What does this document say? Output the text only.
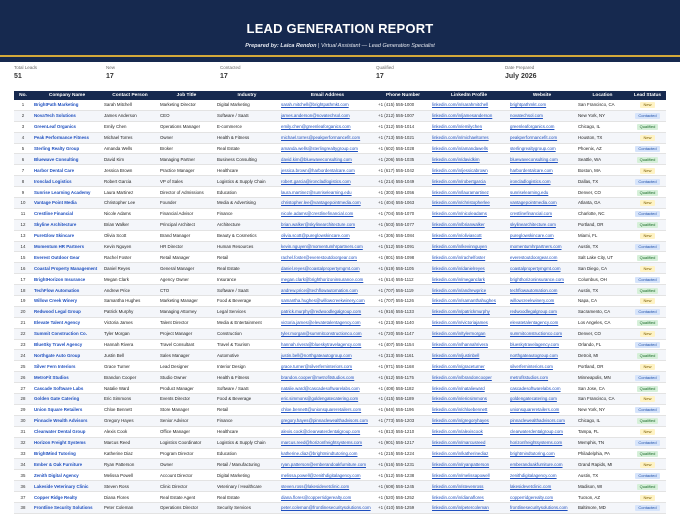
LEAD GENERATION REPORT
Prepared by: Laica Rendon | Virtual Assistant — Lead Generation Specialist
Total Leads
51
New
17
Contacted
17
Qualified
17
Date Prepared
July 2026
No.	Company Name	Contact Person	Job Title	Industry	Email Address	Phone Number	LinkedIn Profile	Website	Location	Lead Status
1	BrightPath Marketing	Sarah Mitchell	Marketing Director	Digital Marketing	sarah.mitchell@brightpathmkt.com	+1 (415) 555-1000	linkedin.com/in/sarahmitchell	brightpathmkt.com	San Francisco, CA	New
2	NovaTech Solutions	James Anderson	CEO	Software / SaaS	james.anderson@novatechsol.com	+1 (212) 555-1007	linkedin.com/in/jamesanderson	novatechsol.com	New York, NY	Contacted
3	GreenLeaf Organics	Emily Chen	Operations Manager	E-commerce	emily.chen@greenleaforganics.com	+1 (312) 555-1014	linkedin.com/in/emilychen	greenleaforganics.com	Chicago, IL	Qualified
4	Peak Performance Fitness	Michael Torres	Owner	Health & Fitness	michael.torres@peakperformancefit.com	+1 (713) 555-1021	linkedin.com/in/michaeltorres	peakperformancefit.com	Houston, TX	New
5	Sterling Realty Group	Amanda Wells	Broker	Real Estate	amanda.wells@sterlingrealtygroup.com	+1 (602) 555-1028	linkedin.com/in/amandawells	sterlingrealtygroup.com	Phoenix, AZ	Contacted
6	Bluewave Consulting	David Kim	Managing Partner	Business Consulting	david.kim@bluewaveconsulting.com	+1 (206) 555-1035	linkedin.com/in/davidkim	bluewaveconsulting.com	Seattle, WA	Qualified
7	Harbor Dental Care	Jessica Brown	Practice Manager	Healthcare	jessica.brown@harbordentalcare.com	+1 (617) 555-1042	linkedin.com/in/jessicabrown	harbordentalcare.com	Boston, MA	New
8	Ironclad Logistics	Robert Garcia	VP of Sales	Logistics & Supply Chain	robert.garcia@ironcladlogistics.com	+1 (214) 555-1049	linkedin.com/in/robertgarcia	ironcladlogistics.com	Dallas, TX	Contacted
9	Sunrise Learning Academy	Laura Martinez	Director of Admissions	Education	laura.martinez@sunriselearning.edu	+1 (303) 555-1056	linkedin.com/in/lauramartinez	sunriselearning.edu	Denver, CO	Qualified
10	Vantage Point Media	Christopher Lee	Founder	Media & Advertising	christopher.lee@vantagepointmedia.com	+1 (404) 555-1063	linkedin.com/in/christopherlee	vantagepointmedia.com	Atlanta, GA	New
11	Crestline Financial	Nicole Adams	Financial Advisor	Finance	nicole.adams@crestlinefinancial.com	+1 (704) 555-1070	linkedin.com/in/nicoleadams	crestlinefinancial.com	Charlotte, NC	Contacted
12	Skyline Architecture	Brian Walker	Principal Architect	Architecture	brian.walker@skylinearchitecture.com	+1 (503) 555-1077	linkedin.com/in/brianwalker	skylinearchitecture.com	Portland, OR	Qualified
13	PureGlow Skincare	Olivia Scott	Brand Manager	Beauty & Cosmetics	olivia.scott@pureglowskincare.com	+1 (305) 555-1084	linkedin.com/in/oliviascott	pureglowskincare.com	Miami, FL	New
14	Momentum HR Partners	Kevin Nguyen	HR Director	Human Resources	kevin.nguyen@momentumhrpartners.com	+1 (512) 555-1091	linkedin.com/in/kevinnguyen	momentumhrpartners.com	Austin, TX	Contacted
15	Everest Outdoor Gear	Rachel Foster	Retail Manager	Retail	rachel.foster@everestoutdoorgear.com	+1 (801) 555-1098	linkedin.com/in/rachelfoster	everestoutdoorgear.com	Salt Lake City, UT	Qualified
16	Coastal Property Management	Daniel Reyes	General Manager	Real Estate	daniel.reyes@coastalpropertymgmt.com	+1 (619) 555-1105	linkedin.com/in/danielreyes	coastalpropertymgmt.com	San Diego, CA	New
17	BrightHorizon Insurance	Megan Clark	Agency Owner	Insurance	megan.clark@brighthorizoninsurance.com	+1 (614) 555-1112	linkedin.com/in/meganclark	brighthorizoninsurance.com	Columbus, OH	Contacted
18	TechFlow Automation	Andrew Price	CTO	Software / SaaS	andrew.price@techflowautomation.com	+1 (707) 555-1119	linkedin.com/in/andrewprice	techflowautomation.com	Austin, TX	Qualified
19	Willow Creek Winery	Samantha Hughes	Marketing Manager	Food & Beverage	samantha.hughes@willowcreekwinery.com	+1 (707) 555-1126	linkedin.com/in/samanthahughes	willowcreekwinery.com	Napa, CA	New
20	Redwood Legal Group	Patrick Murphy	Managing Attorney	Legal Services	patrick.murphy@redwoodlegalgroup.com	+1 (916) 555-1133	linkedin.com/in/patrickmurphy	redwoodlegalgroup.com	Sacramento, CA	Contacted
21	Elevate Talent Agency	Victoria James	Talent Director	Media & Entertainment	victoria.james@elevatetalentagency.com	+1 (213) 555-1140	linkedin.com/in/victoriajames	elevatetalentagency.com	Los Angeles, CA	Qualified
22	Summit Construction Co.	Tyler Morgan	Project Manager	Construction	tyler.morgan@summitconstructionco.com	+1 (720) 555-1147	linkedin.com/in/tylermorgan	summitconstructionco.com	Denver, CO	New
23	BlueSky Travel Agency	Hannah Rivera	Travel Consultant	Travel & Tourism	hannah.rivera@blueskytravelagency.com	+1 (407) 555-1154	linkedin.com/in/hannahrivera	blueskytravelagency.com	Orlando, FL	Contacted
24	Northgate Auto Group	Justin Bell	Sales Manager	Automotive	justin.bell@northgateautogroup.com	+1 (313) 555-1161	linkedin.com/in/justinbell	northgateautogroup.com	Detroit, MI	Qualified
25	Silver Fern Interiors	Grace Turner	Lead Designer	Interior Design	grace.turner@silverferninteriors.com	+1 (971) 555-1168	linkedin.com/in/graceturner	silverferninteriors.com	Portland, OR	New
26	MetroFit Studios	Brandon Cooper	Studio Owner	Health & Fitness	brandon.cooper@metrofitstudios.com	+1 (612) 555-1175	linkedin.com/in/brandoncooper	metrofitstudios.com	Minneapolis, MN	Contacted
27	Cascade Software Labs	Natalie Ward	Product Manager	Software / SaaS	natalie.ward@cascadesoftwarelabs.com	+1 (408) 555-1182	linkedin.com/in/natalieward	cascadesoftwarelabs.com	San Jose, CA	Qualified
28	Golden Gate Catering	Eric Simmons	Events Director	Food & Beverage	eric.simmons@goldengatecatering.com	+1 (415) 555-1189	linkedin.com/in/ericsimmons	goldengatecatering.com	San Francisco, CA	New
29	Union Square Retailers	Chloe Bennett	Store Manager	Retail	chloe.bennett@unionsquareretailers.com	+1 (646) 555-1196	linkedin.com/in/chloebennett	unionsquareretailers.com	New York, NY	Contacted
30	Pinnacle Wealth Advisors	Gregory Hayes	Senior Advisor	Finance	gregory.hayes@pinnaclewealthadvisors.com	+1 (773) 555-1203	linkedin.com/in/gregoryhayes	pinnaclewealthadvisors.com	Chicago, IL	Qualified
31	Clearwater Dental Group	Alexis Cook	Office Manager	Healthcare	alexis.cook@clearwaterdentalgroup.com	+1 (813) 555-1210	linkedin.com/in/alexiscook	clearwaterdentalgroup.com	Tampa, FL	New
32	Horizon Freight Systems	Marcus Reed	Logistics Coordinator	Logistics & Supply Chain	marcus.reed@horizonfreightsystems.com	+1 (901) 555-1217	linkedin.com/in/marcusreed	horizonfreightsystems.com	Memphis, TN	Contacted
33	BrightMind Tutoring	Katherine Diaz	Program Director	Education	katherine.diaz@brightmindtutoring.com	+1 (215) 555-1224	linkedin.com/in/katherinediaz	brightmindtutoring.com	Philadelphia, PA	Qualified
34	Ember & Oak Furniture	Ryan Patterson	Owner	Retail / Manufacturing	ryan.patterson@emberandoakfurniture.com	+1 (616) 555-1231	linkedin.com/in/ryanpatterson	emberandoakfurniture.com	Grand Rapids, MI	New
35	Zenith Digital Agency	Melissa Powell	Account Director	Digital Marketing	melissa.powell@zenithdigitalagency.com	+1 (512) 555-1238	linkedin.com/in/melissapowell	zenithdigitalagency.com	Austin, TX	Contacted
36	Lakeside Veterinary Clinic	Steven Ross	Clinic Director	Veterinary / Healthcare	steven.ross@lakesidevetclinic.com	+1 (608) 555-1245	linkedin.com/in/stevenross	lakesidevetclinic.com	Madison, WI	Qualified
37	Copper Ridge Realty	Diana Flores	Real Estate Agent	Real Estate	diana.flores@copperridgerealty.com	+1 (520) 555-1252	linkedin.com/in/dianaflores	copperridgerealty.com	Tucson, AZ	New
38	Frontline Security Solutions	Peter Coleman	Operations Director	Security Services	peter.coleman@frontlinesecuritysolutions.com	+1 (410) 555-1259	linkedin.com/in/petercoleman	frontlinesecuritysolutions.com	Baltimore, MD	Contacted
